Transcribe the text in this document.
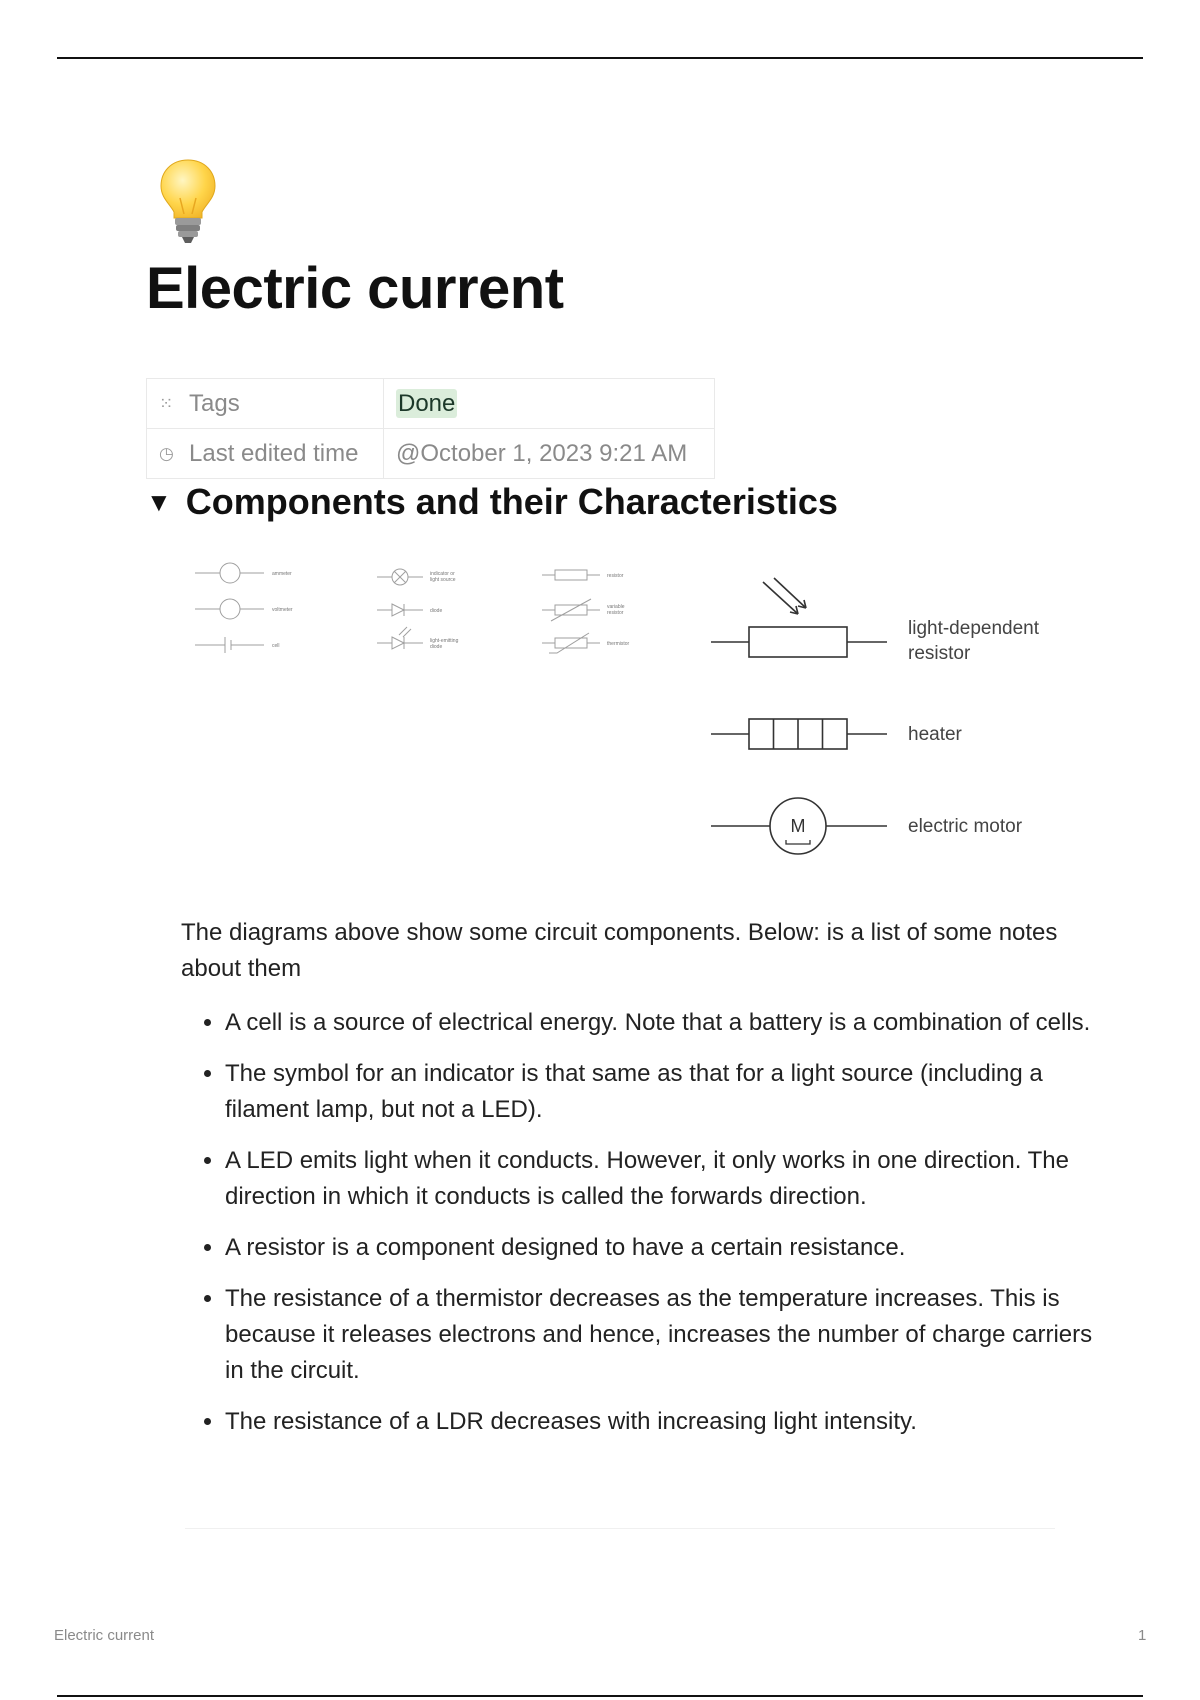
Electric current
⁙ Tags	Done
◷ Last edited time	@October 1, 2023 9:21 AM
▼ Components and their Characteristics
ammeter
voltmeter
cell
indicator or
light source
diode
light-emitting
diode
resistor
variable
resistor
thermistor
M
light-dependent
resistor
heater
electric motor

The diagrams above show some circuit components. Below: is a list of some notes about them

• A cell is a source of electrical energy. Note that a battery is a combination of cells.
• The symbol for an indicator is that same as that for a light source (including a filament lamp, but not a LED).
• A LED emits light when it conducts. However, it only works in one direction. The direction in which it conducts is called the forwards direction.
• A resistor is a component designed to have a certain resistance.
• The resistance of a thermistor decreases as the temperature increases. This is because it releases electrons and hence, increases the number of charge carriers in the circuit.
• The resistance of a LDR decreases with increasing light intensity.
Electric current	1
